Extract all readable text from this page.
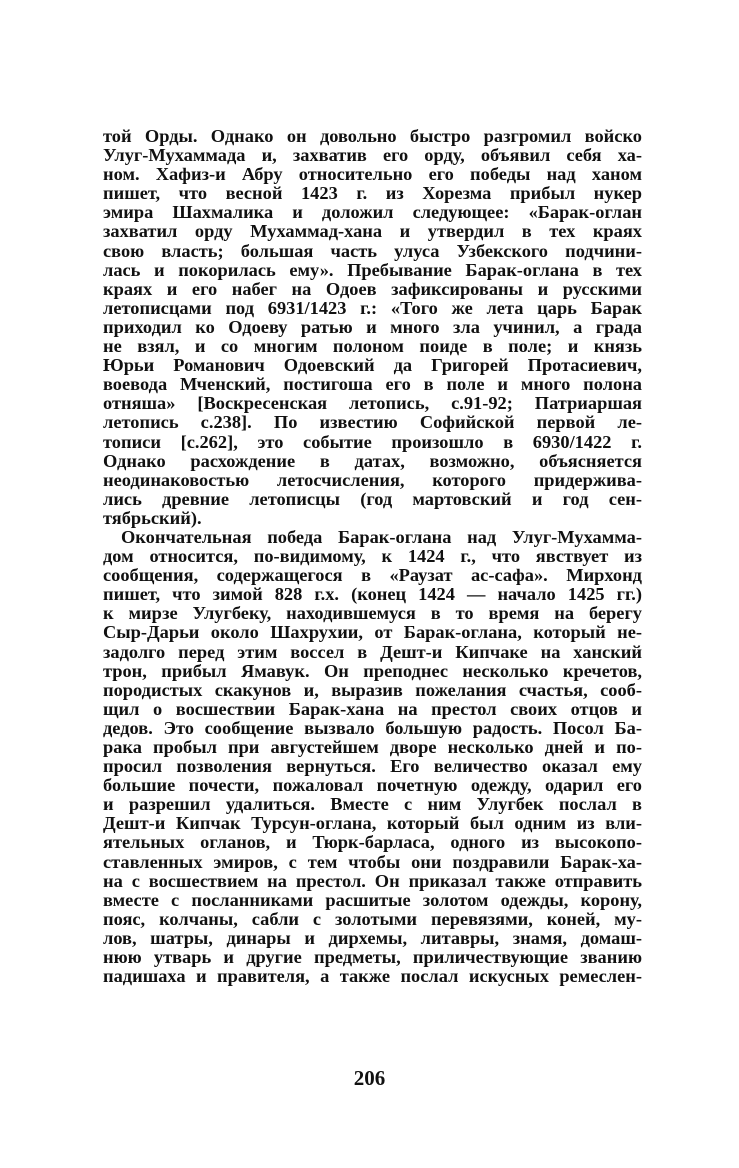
той Орды. Однако он довольно быстро разгромил войско
Улуг-Мухаммада и, захватив его орду, объявил себя ха-
ном. Хафиз-и Абру относительно его победы над ханом
пишет, что весной 1423 г. из Хорезма прибыл нукер
эмира Шахмалика и доложил следующее: «Барак-оглан
захватил орду Мухаммад-хана и утвердил в тех краях
свою власть; большая часть улуса Узбекского подчини-
лась и покорилась ему». Пребывание Барак-оглана в тех
краях и его набег на Одоев зафиксированы и русскими
летописцами под 6931/1423 г.: «Того же лета царь Барак
приходил ко Одоеву ратью и много зла учинил, а града
не взял, и со многим полоном поиде в поле; и князь
Юрьи Романович Одоевский да Григорей Протасиевич,
воевода Мченский, постигоша его в поле и много полона
отняша» [Воскресенская летопись, с.91-92; Патриаршая
летопись с.238]. По известию Софийской первой ле-
тописи [с.262], это событие произошло в 6930/1422 г.
Однако расхождение в датах, возможно, объясняется
неодинаковостью летосчисления, которого придержива-
лись древние летописцы (год мартовский и год сен-
тябрьский).
Окончательная победа Барак-оглана над Улуг-Мухамма-
дом относится, по-видимому, к 1424 г., что явствует из
сообщения, содержащегося в «Раузат ас-сафа». Мирхонд
пишет, что зимой 828 г.х. (конец 1424 — начало 1425 гг.)
к мирзе Улугбеку, находившемуся в то время на берегу
Сыр-Дарьи около Шахрухии, от Барак-оглана, который не-
задолго перед этим воссел в Дешт-и Кипчаке на ханский
трон, прибыл Ямавук. Он преподнес несколько кречетов,
породистых скакунов и, выразив пожелания счастья, сооб-
щил о восшествии Барак-хана на престол своих отцов и
дедов. Это сообщение вызвало большую радость. Посол Ба-
рака пробыл при августейшем дворе несколько дней и по-
просил позволения вернуться. Его величество оказал ему
большие почести, пожаловал почетную одежду, одарил его
и разрешил удалиться. Вместе с ним Улугбек послал в
Дешт-и Кипчак Турсун-оглана, который был одним из вли-
ятельных огланов, и Тюрк-барласа, одного из высокопо-
ставленных эмиров, с тем чтобы они поздравили Барак-ха-
на с восшествием на престол. Он приказал также отправить
вместе с посланниками расшитые золотом одежды, корону,
пояс, колчаны, сабли с золотыми перевязями, коней, му-
лов, шатры, динары и дирхемы, литавры, знамя, домаш-
нюю утварь и другие предметы, приличествующие званию
падишаха и правителя, а также послал искусных ремеслен-
206
